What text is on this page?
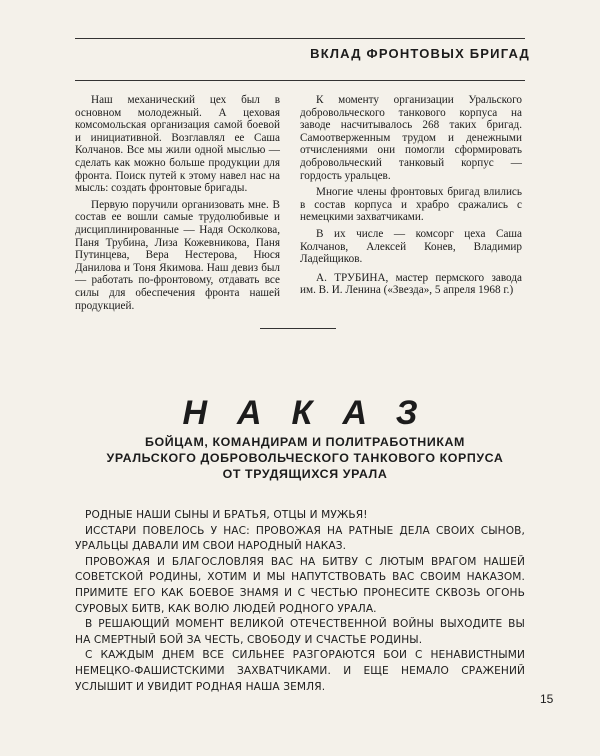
ВКЛАД ФРОНТОВЫХ БРИГАД

Наш механический цех был в основном молодежный. А цеховая комсомольская организация самой боевой и инициативной. Возглавлял ее Саша Колчанов. Все мы жили одной мыслью — сделать как можно больше продукции для фронта. Поиск путей к этому навел нас на мысль: создать фронтовые бригады.

Первую поручили организовать мне. В состав ее вошли самые трудолюбивые и дисциплинированные — Надя Осколкова, Паня Трубина, Лиза Кожевникова, Паня Путинцева, Вера Нестерова, Нюся Данилова и Тоня Якимова. Наш девиз был — работать по-фронтовому, отдавать все силы для обеспечения фронта нашей продукцией.

К моменту организации Уральского добровольческого танкового корпуса на заводе насчитывалось 268 таких бригад. Самоотверженным трудом и денежными отчислениями они помогли сформировать добровольческий танковый корпус — гордость уральцев.

Многие члены фронтовых бригад влились в состав корпуса и храбро сражались с немецкими захватчиками.

В их числе — комсорг цеха Саша Колчанов, Алексей Конев, Владимир Ладейщиков.

А. ТРУБИНА, мастер пермского завода им. В. И. Ленина («Звезда», 5 апреля 1968 г.)

НАКАЗ
БОЙЦАМ, КОМАНДИРАМ И ПОЛИТРАБОТНИКАМ
УРАЛЬСКОГО ДОБРОВОЛЬЧЕСКОГО ТАНКОВОГО КОРПУСА
ОТ ТРУДЯЩИХСЯ УРАЛА

РОДНЫЕ НАШИ СЫНЫ И БРАТЬЯ, ОТЦЫ И МУЖЬЯ!

ИССТАРИ ПОВЕЛОСЬ У НАС: ПРОВОЖАЯ НА РАТНЫЕ ДЕЛА СВОИХ СЫНОВ, УРАЛЬЦЫ ДАВАЛИ ИМ СВОИ НАРОДНЫЙ НАКАЗ.

ПРОВОЖАЯ И БЛАГОСЛОВЛЯЯ ВАС НА БИТВУ С ЛЮТЫМ ВРАГОМ НАШЕЙ СОВЕТСКОЙ РОДИНЫ, ХОТИМ И МЫ НАПУТСТВОВАТЬ ВАС СВОИМ НАКАЗОМ. ПРИМИТЕ ЕГО КАК БОЕВОЕ ЗНАМЯ И С ЧЕСТЬЮ ПРОНЕСИТЕ СКВОЗЬ ОГОНЬ СУРОВЫХ БИТВ, КАК ВОЛЮ ЛЮДЕЙ РОДНОГО УРАЛА.

В РЕШАЮЩИЙ МОМЕНТ ВЕЛИКОЙ ОТЕЧЕСТВЕННОЙ ВОЙНЫ ВЫХОДИТЕ ВЫ НА СМЕРТНЫЙ БОЙ ЗА ЧЕСТЬ, СВОБОДУ И СЧАСТЬЕ РОДИНЫ.

С КАЖДЫМ ДНЕМ ВСЕ СИЛЬНЕЕ РАЗГОРАЮТСЯ БОИ С НЕНАВИСТНЫМИ НЕМЕЦКО-ФАШИСТСКИМИ ЗАХВАТЧИКАМИ. И ЕЩЕ НЕМАЛО СРАЖЕНИЙ УСЛЫШИТ И УВИДИТ РОДНАЯ НАША ЗЕМЛЯ.

15
